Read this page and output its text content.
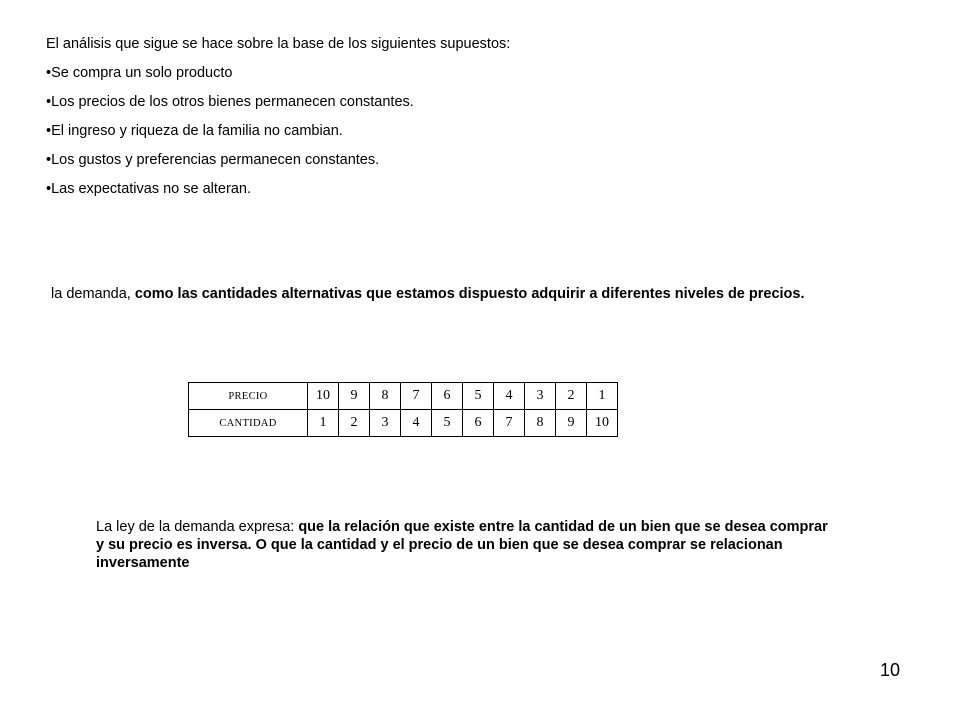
El análisis que sigue se hace sobre la base de los siguientes supuestos:
•Se compra un solo producto
•Los precios de los otros bienes permanecen constantes.
•El ingreso y riqueza de la familia no cambian.
•Los gustos y preferencias permanecen constantes.
•Las expectativas no se alteran.
la demanda, como las cantidades alternativas que estamos dispuesto adquirir a diferentes niveles de precios.
PRECIO	10	9	8	7	6	5	4	3	2	1
CANTIDAD	1	2	3	4	5	6	7	8	9	10
La ley de la demanda expresa: que la relación que existe entre la cantidad de un bien que se desea comprar y su precio es inversa. O que la cantidad y el precio de un bien que se desea comprar se relacionan inversamente
10
